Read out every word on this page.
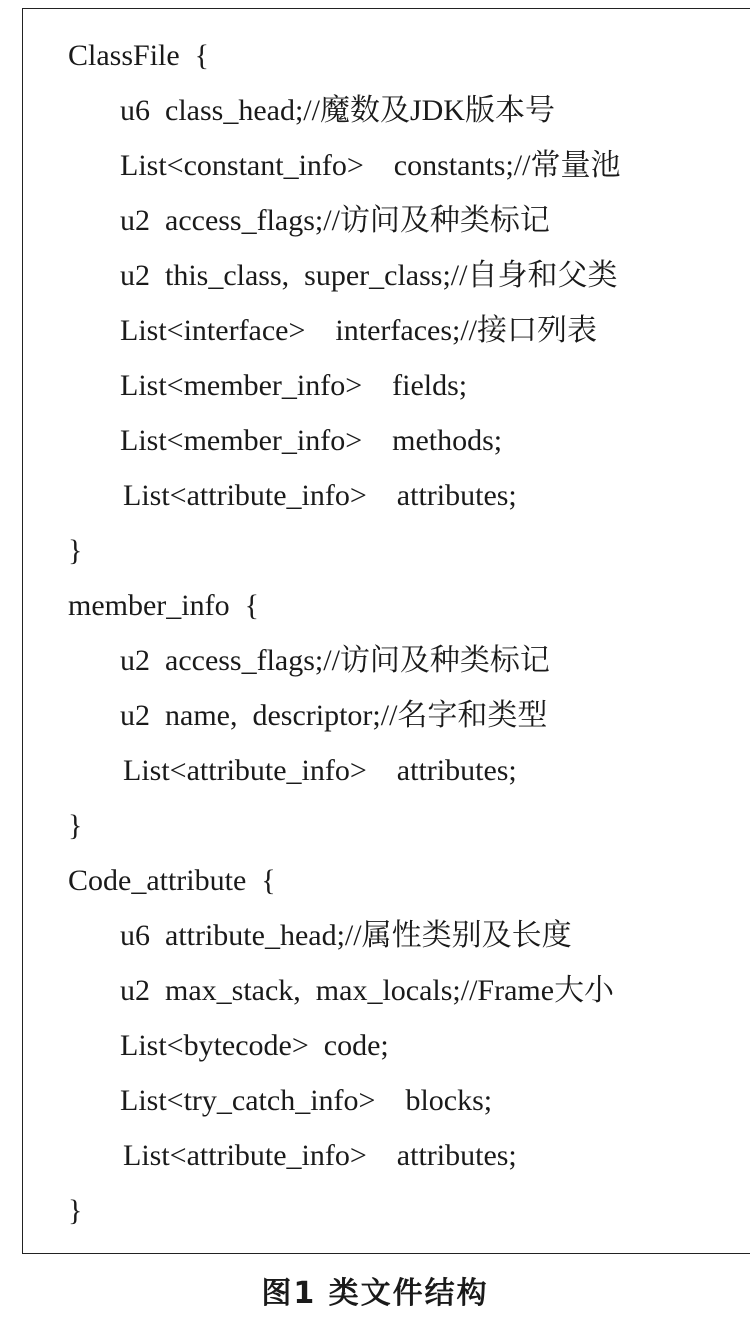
ClassFile  {
u6  class_head;//魔数及JDK版本号
List<constant_info>    constants;//常量池
u2  access_flags;//访问及种类标记
u2  this_class,  super_class;//自身和父类
List<interface>    interfaces;//接口列表
List<member_info>    fields;
List<member_info>    methods;
List<attribute_info>    attributes;
}
member_info  {
u2  access_flags;//访问及种类标记
u2  name,  descriptor;//名字和类型
List<attribute_info>    attributes;
}
Code_attribute  {
u6  attribute_head;//属性类别及长度
u2  max_stack,  max_locals;//Frame大小
List<bytecode>  code;
List<try_catch_info>    blocks;
List<attribute_info>    attributes;
}
图1 类文件结构
